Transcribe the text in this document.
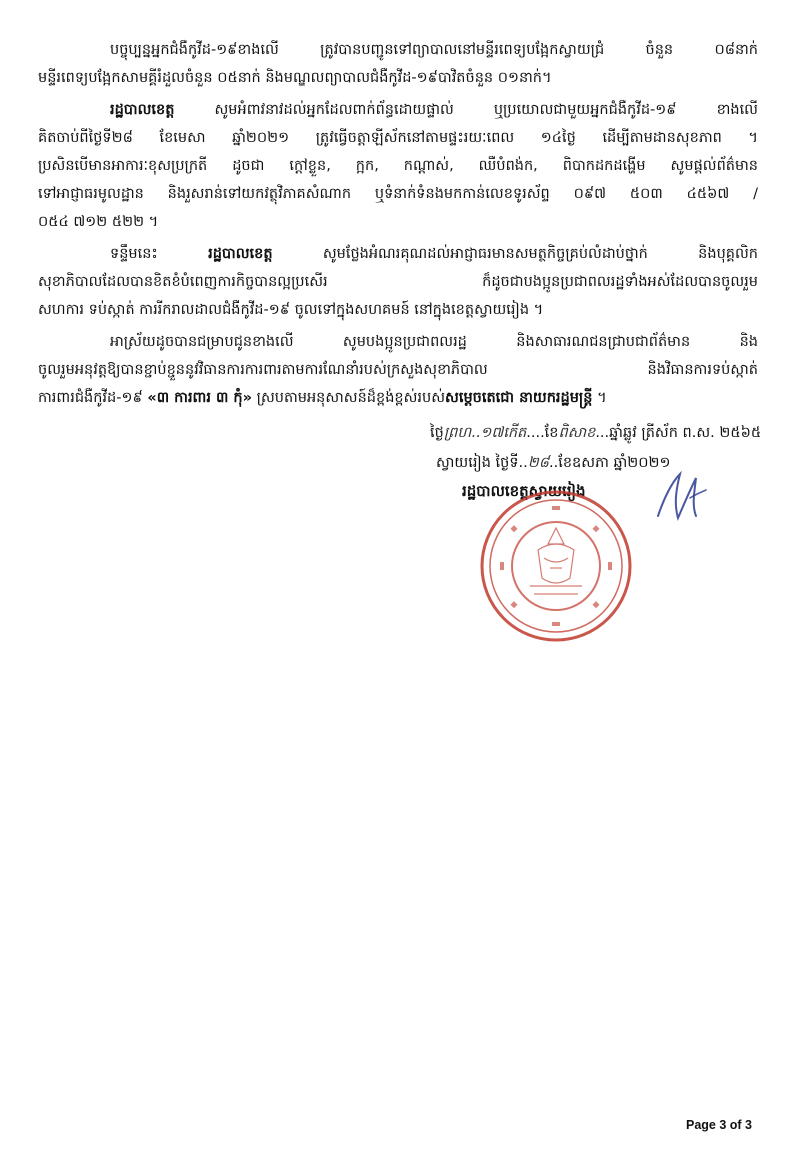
បច្ចុប្បន្នអ្នកជំងឺកូវីដ-១៩ខាងលើ ត្រូវបានបញ្ជូនទៅព្យាបាលនៅមន្ទីរពេទ្យបង្អែកស្វាយជ្រំ ចំនួន ០៨នាក់
មន្ទីរពេទ្យបង្អែកសាមគ្គីរំដួលចំនួន ០៥នាក់ និងមណ្ឌលព្យាបាលជំងឺកូវីដ-១៩បាវិតចំនួន ០១នាក់។
រដ្ឋបាលខេត្ត សូមអំពាវនាវដល់អ្នកដែលពាក់ព័ន្ធដោយផ្ទាល់ ឬប្រយោលជាមួយអ្នកជំងឺកូវីដ-១៩ ខាងលើ
គិតចាប់ពីថ្ងៃទី២៨ ខែមេសា ឆ្នាំ២០២១ ត្រូវធ្វើចត្តាឡីស័កនៅតាមផ្ទះរយៈពេល ១៤ថ្ងៃ ដើម្បីតាមដានសុខភាព ។
ប្រសិនបើមានអាការៈខុសប្រក្រតី ដូចជា ក្តៅខ្លួន, ក្អក, កណ្តាស់, ឈឺបំពង់ក, ពិបាកដកដង្ហើម សូមផ្តល់ព័ត៌មាន
ទៅអាជ្ញាធរមូលដ្ឋាន និងរួសរាន់ទៅយកវត្ថុវិភាគសំណាក ឬទំនាក់ទំនងមកកាន់លេខទូរស័ព្ទ ០៩៧ ៥០៣ ៤៥៦៧ /
០៥៤ ៧១២ ៥២២ ។
ទន្ទឹមនេះ រដ្ឋបាលខេត្ត សូមថ្លែងអំណរគុណដល់អាជ្ញាធរមានសមត្ថកិច្ចគ្រប់លំដាប់ថ្នាក់ និងបុគ្គលិក
សុខាភិបាលដែលបានខិតខំបំពេញការកិច្ចបានល្អប្រសើរ ក៏ដូចជាបងប្អូនប្រជាពលរដ្ឋទាំងអស់ដែលបានចូលរួម
សហការ ទប់ស្កាត់ ការរីករាលដាលជំងឺកូវីដ-១៩ ចូលទៅក្នុងសហគមន៍ នៅក្នុងខេត្តស្វាយរៀង ។
អាស្រ័យដូចបានជម្រាបជូនខាងលើ សូមបងប្អូនប្រជាពលរដ្ឋ និងសាធារណជនជ្រាបជាព័ត៌មាន និង
ចូលរួមអនុវត្តឱ្យបានខ្ជាប់ខ្ជួននូវវិធានការការពារតាមការណែនាំរបស់ក្រសួងសុខាភិបាល និងវិធានការទប់ស្កាត់
ការពារជំងឺកូវីដ-១៩ «៣ ការពារ ៣ កុំ» ស្របតាមអនុសាសន៍ដ៏ខ្ពង់ខ្ពស់របស់សម្តេចតេជោ នាយករដ្ឋមន្ត្រី ។
ថ្ងៃព្រហ..១៧កើត....ខែពិសាខ...ឆ្នាំឆ្លូវ ត្រីស័ក ព.ស. ២៥៦៥
ស្វាយរៀង ថ្ងៃទី..២៨..ខែឧសភា ឆ្នាំ២០២១
រដ្ឋបាលខេត្តស្វាយរៀង
Page 3 of 3
